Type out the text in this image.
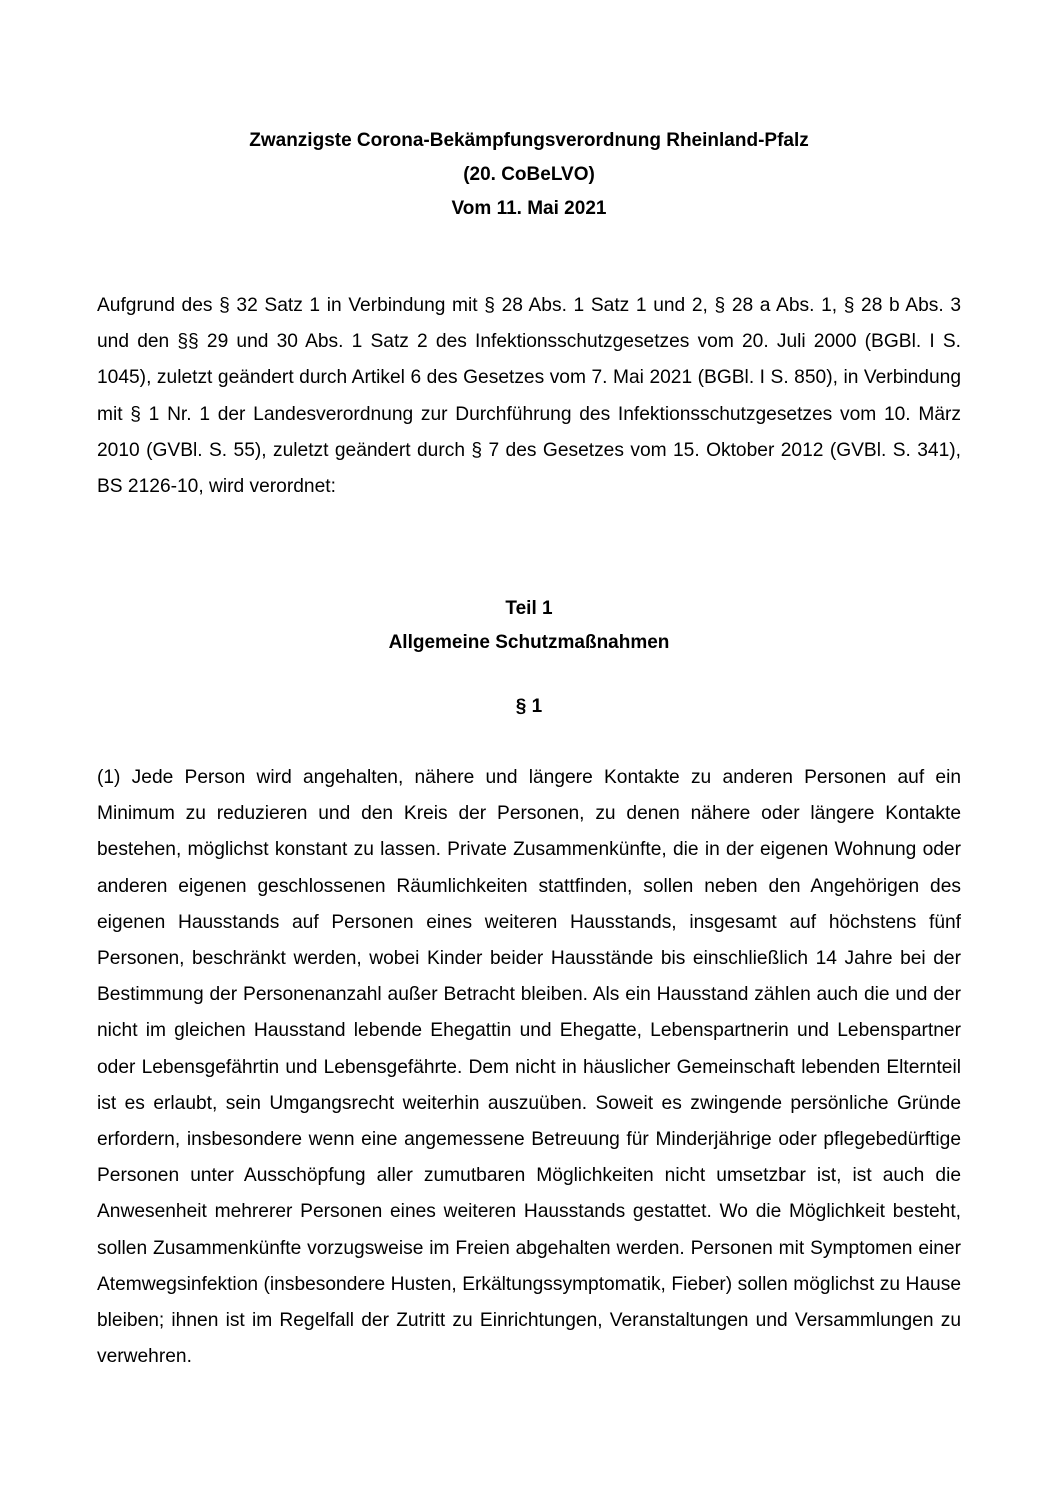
Zwanzigste Corona-Bekämpfungsverordnung Rheinland-Pfalz
(20. CoBeLVO)
Vom 11. Mai 2021

Aufgrund des § 32 Satz 1 in Verbindung mit § 28 Abs. 1 Satz 1 und 2, § 28 a Abs. 1, § 28 b Abs. 3 und den §§ 29 und 30 Abs. 1 Satz 2 des Infektionsschutzgesetzes vom 20. Juli 2000 (BGBl. I S. 1045), zuletzt geändert durch Artikel 6 des Gesetzes vom 7. Mai 2021 (BGBl. I S. 850), in Verbindung mit § 1 Nr. 1 der Landesverordnung zur Durchführung des Infektionsschutzgesetzes vom 10. März 2010 (GVBl. S. 55), zuletzt geändert durch § 7 des Gesetzes vom 15. Oktober 2012 (GVBl. S. 341), BS 2126-10, wird verordnet:

Teil 1
Allgemeine Schutzmaßnahmen
§ 1

(1) Jede Person wird angehalten, nähere und längere Kontakte zu anderen Personen auf ein Minimum zu reduzieren und den Kreis der Personen, zu denen nähere oder längere Kontakte bestehen, möglichst konstant zu lassen. Private Zusammenkünfte, die in der eigenen Wohnung oder anderen eigenen geschlossenen Räumlichkeiten stattfinden, sollen neben den Angehörigen des eigenen Hausstands auf Personen eines weiteren Hausstands, insgesamt auf höchstens fünf Personen, beschränkt werden, wobei Kinder beider Hausstände bis einschließlich 14 Jahre bei der Bestimmung der Personenanzahl außer Betracht bleiben. Als ein Hausstand zählen auch die und der nicht im gleichen Hausstand lebende Ehegattin und Ehegatte, Lebenspartnerin und Lebenspartner oder Lebensgefährtin und Lebensgefährte. Dem nicht in häuslicher Gemeinschaft lebenden Elternteil ist es erlaubt, sein Umgangsrecht weiterhin auszuüben. Soweit es zwingende persönliche Gründe erfordern, insbesondere wenn eine angemessene Betreuung für Minderjährige oder pflegebedürftige Personen unter Ausschöpfung aller zumutbaren Möglichkeiten nicht umsetzbar ist, ist auch die Anwesenheit mehrerer Personen eines weiteren Hausstands gestattet. Wo die Möglichkeit besteht, sollen Zusammenkünfte vorzugsweise im Freien abgehalten werden. Personen mit Symptomen einer Atemwegsinfektion (insbesondere Husten, Erkältungssymptomatik, Fieber) sollen möglichst zu Hause bleiben; ihnen ist im Regelfall der Zutritt zu Einrichtungen, Veranstaltungen und Versammlungen zu verwehren.
